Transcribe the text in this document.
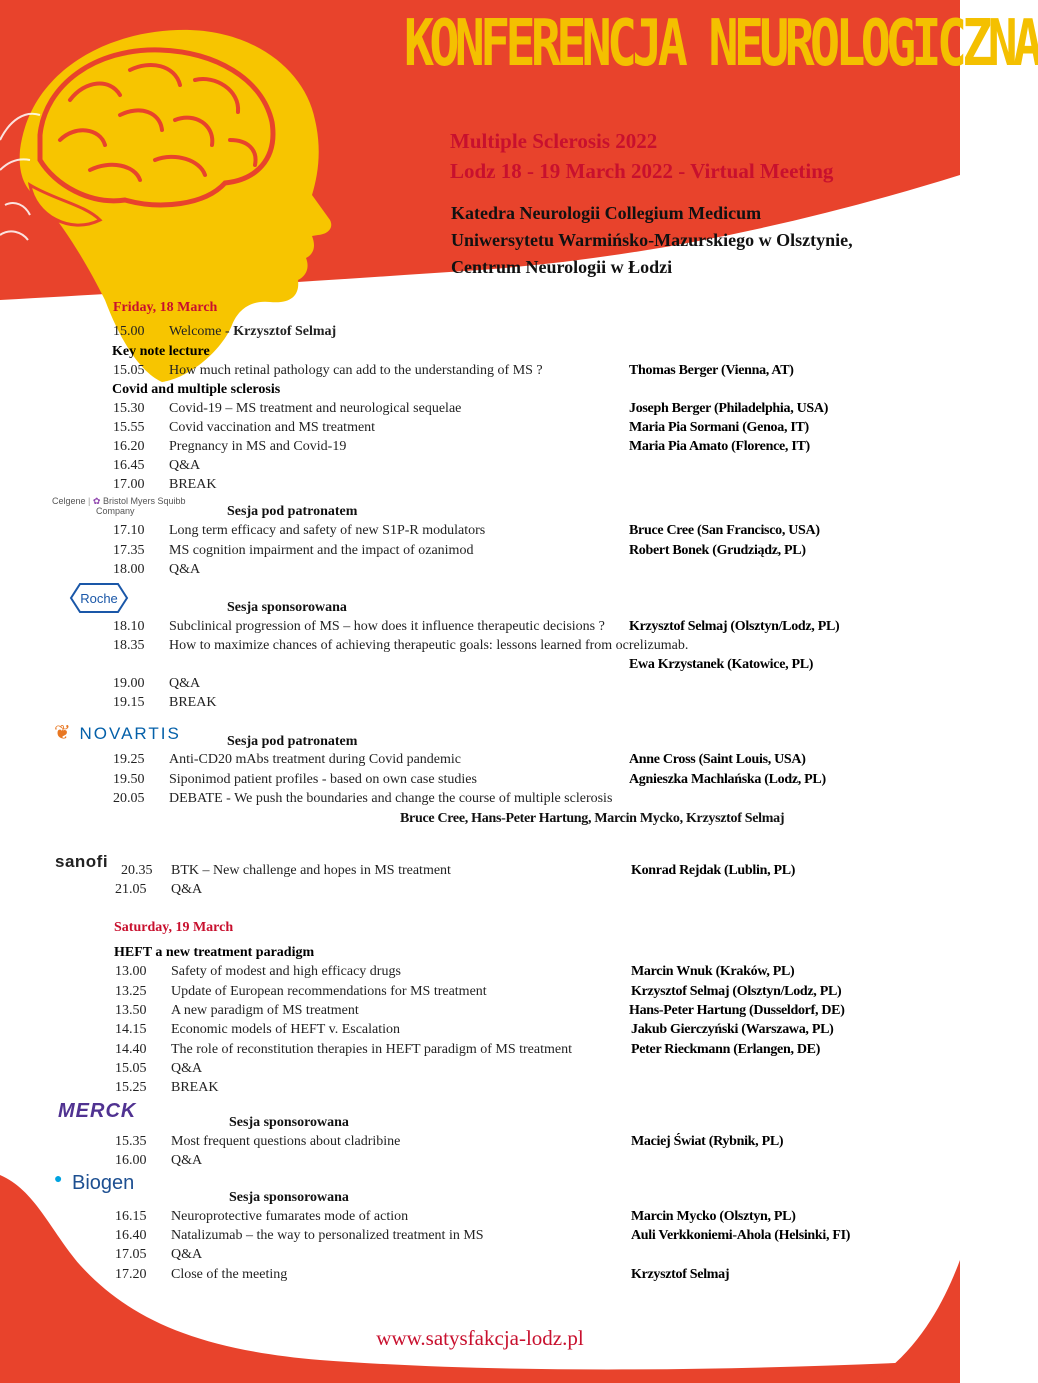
KONFERENCJA NEUROLOGICZNA
Multiple Sclerosis 2022
Lodz 18 - 19 March 2022 - Virtual Meeting
Katedra Neurologii Collegium Medicum
Uniwersytetu Warmińsko-Mazurskiego w Olsztynie,
Centrum Neurologii w Łodzi
Friday, 18 March
15.00 Welcome - Krzysztof Selmaj
Key note lecture
15.05 How much retinal pathology can add to the understanding of MS ?	Thomas Berger (Vienna, AT)
Covid and multiple sclerosis
15.30 Covid-19 – MS treatment and neurological sequelae	Joseph Berger (Philadelphia, USA)
15.55 Covid vaccination and MS treatment	Maria Pia Sormani (Genoa, IT)
16.20 Pregnancy in MS and Covid-19	Maria Pia Amato (Florence, IT)
16.45 Q&A
17.00 BREAK
Celgene | ✿ Bristol Myers Squibb
Company	Sesja pod patronatem
17.10 Long term efficacy and safety of new S1P-R modulators	Bruce Cree (San Francisco, USA)
17.35 MS cognition impairment and the impact of ozanimod	Robert Bonek (Grudziądz, PL)
18.00 Q&A
Roche
Sesja sponsorowana
18.10 Subclinical progression of MS – how does it influence therapeutic decisions ? Krzysztof Selmaj (Olsztyn/Lodz, PL)
18.35 How to maximize chances of achieving therapeutic goals: lessons learned from ocrelizumab.
Ewa Krzystanek (Katowice, PL)
19.00 Q&A
19.15 BREAK
❦ NOVARTIS	Sesja pod patronatem
19.25 Anti-CD20 mAbs treatment during Covid pandemic	Anne Cross (Saint Louis, USA)
19.50 Siponimod patient profiles - based on own case studies	Agnieszka Machlańska (Lodz, PL)
20.05 DEBATE - We push the boundaries and change the course of multiple sclerosis
Bruce Cree, Hans-Peter Hartung, Marcin Mycko, Krzysztof Selmaj
sanofi 20.35 BTK – New challenge and hopes in MS treatment	Konrad Rejdak (Lublin, PL)
21.05 Q&A
Saturday, 19 March
HEFT a new treatment paradigm
13.00 Safety of modest and high efficacy drugs	Marcin Wnuk (Kraków, PL)
13.25 Update of European recommendations for MS treatment	Krzysztof Selmaj (Olsztyn/Lodz, PL)
13.50 A new paradigm of MS treatment	Hans-Peter Hartung (Dusseldorf, DE)
14.15 Economic models of HEFT v. Escalation	Jakub Gierczyński (Warszawa, PL)
14.40 The role of reconstitution therapies in HEFT paradigm of MS treatment	Peter Rieckmann (Erlangen, DE)
15.05 Q&A
15.25 BREAK
MERCK
Sesja sponsorowana
15.35 Most frequent questions about cladribine	Maciej Świat (Rybnik, PL)
16.00 Q&A
● Biogen
Sesja sponsorowana
16.15 Neuroprotective fumarates mode of action	Marcin Mycko (Olsztyn, PL)
16.40 Natalizumab – the way to personalized treatment in MS	Auli Verkkoniemi-Ahola (Helsinki, FI)
17.05 Q&A
17.20 Close of the meeting	Krzysztof Selmaj
www.satysfakcja-lodz.pl
